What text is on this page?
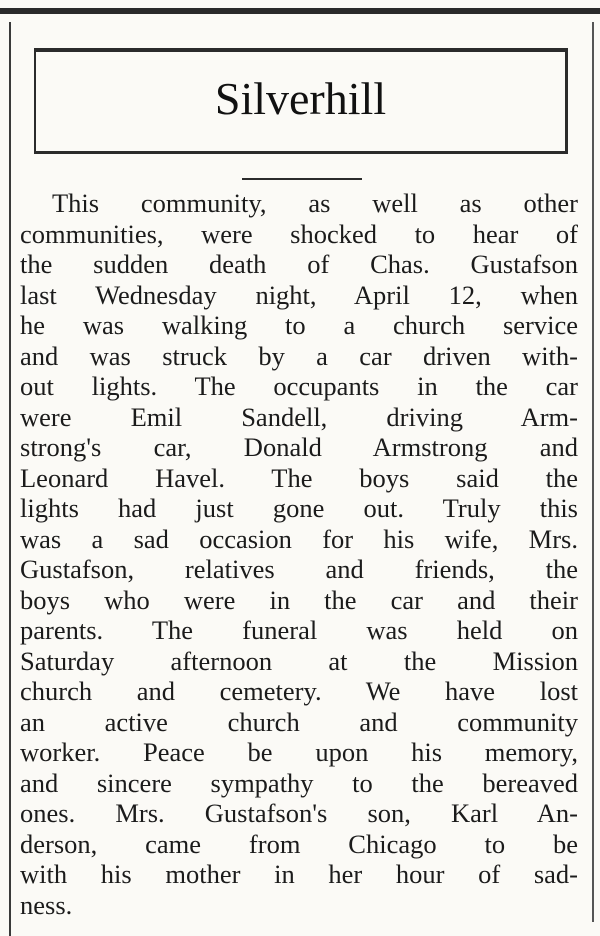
Silverhill
This community, as well as other
communities, were shocked to hear of
the sudden death of Chas. Gustafson
last Wednesday night, April 12, when
he was walking to a church service
and was struck by a car driven with-
out lights. The occupants in the car
were Emil Sandell, driving Arm-
strong's car, Donald Armstrong and
Leonard Havel. The boys said the
lights had just gone out. Truly this
was a sad occasion for his wife, Mrs.
Gustafson, relatives and friends, the
boys who were in the car and their
parents. The funeral was held on
Saturday afternoon at the Mission
church and cemetery. We have lost
an active church and community
worker. Peace be upon his memory,
and sincere sympathy to the bereaved
ones. Mrs. Gustafson's son, Karl An-
derson, came from Chicago to be
with his mother in her hour of sad-
ness.
